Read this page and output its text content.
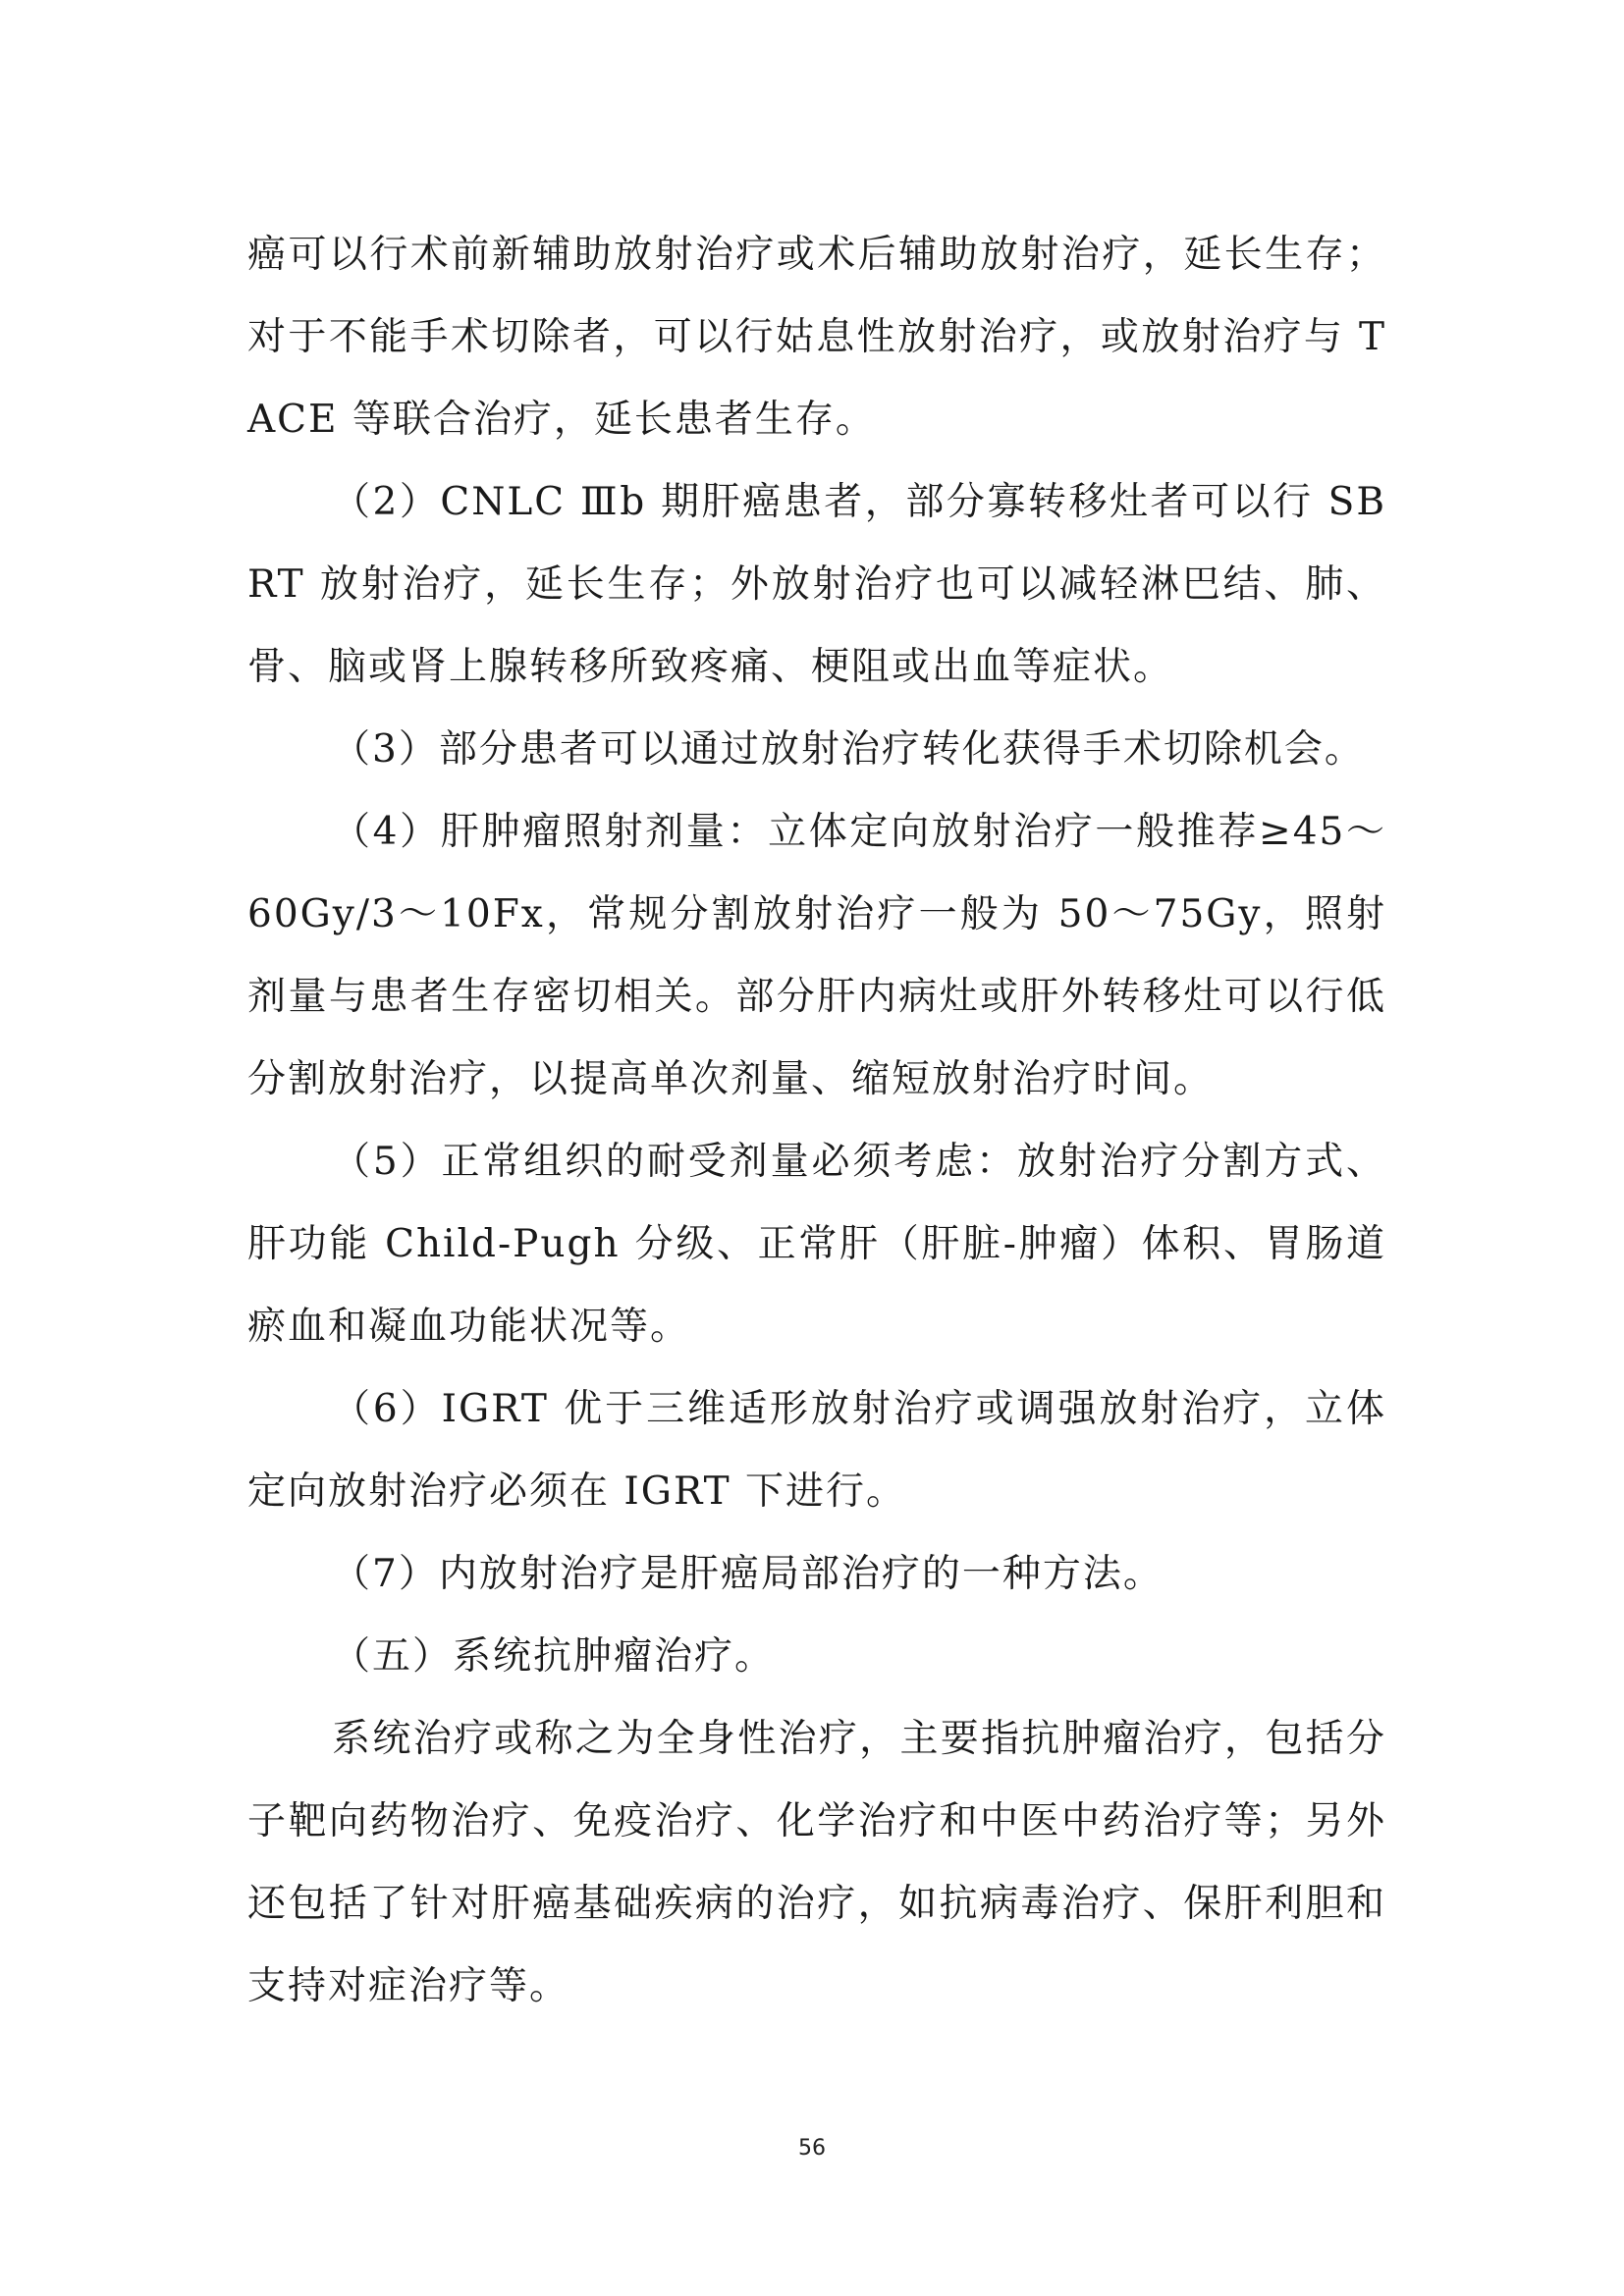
癌可以行术前新辅助放射治疗或术后辅助放射治疗，延长生存；对于不能手术切除者，可以行姑息性放射治疗，或放射治疗与 TACE 等联合治疗，延长患者生存。

（2）CNLC Ⅲb 期肝癌患者，部分寡转移灶者可以行 SBRT 放射治疗，延长生存；外放射治疗也可以减轻淋巴结、肺、骨、脑或肾上腺转移所致疼痛、梗阻或出血等症状。

（3）部分患者可以通过放射治疗转化获得手术切除机会。

（4）肝肿瘤照射剂量：立体定向放射治疗一般推荐≥45～60Gy/3～10Fx，常规分割放射治疗一般为 50～75Gy，照射剂量与患者生存密切相关。部分肝内病灶或肝外转移灶可以行低分割放射治疗，以提高单次剂量、缩短放射治疗时间。

（5）正常组织的耐受剂量必须考虑：放射治疗分割方式、肝功能 Child-Pugh 分级、正常肝（肝脏-肿瘤）体积、胃肠道瘀血和凝血功能状况等。

（6）IGRT 优于三维适形放射治疗或调强放射治疗，立体定向放射治疗必须在 IGRT 下进行。

（7）内放射治疗是肝癌局部治疗的一种方法。

（五）系统抗肿瘤治疗。

系统治疗或称之为全身性治疗，主要指抗肿瘤治疗，包括分子靶向药物治疗、免疫治疗、化学治疗和中医中药治疗等；另外还包括了针对肝癌基础疾病的治疗，如抗病毒治疗、保肝利胆和支持对症治疗等。

56
